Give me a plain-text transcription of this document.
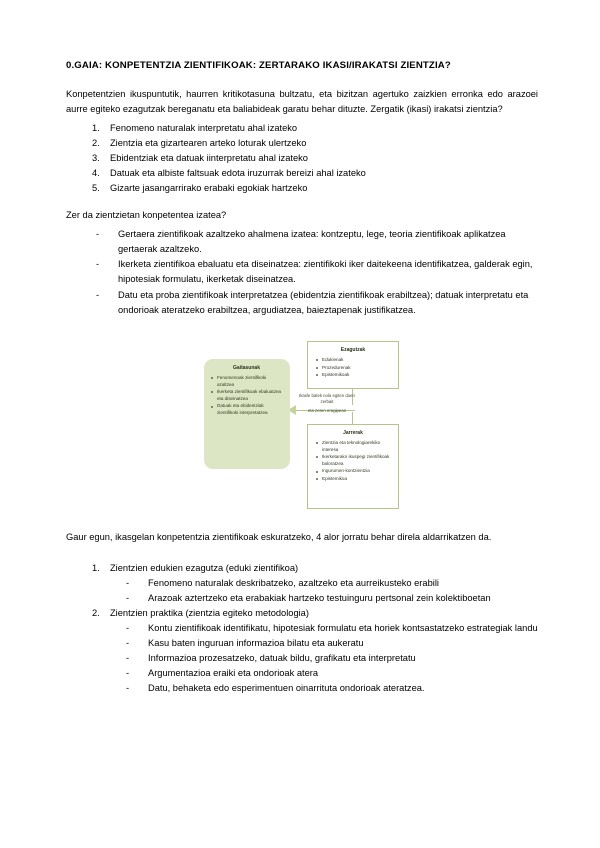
0.GAIA: KONPETENTZIA ZIENTIFIKOAK: ZERTARAKO IKASI/IRAKATSI ZIENTZIA?

Konpetentzien ikuspuntutik, haurren kritikotasuna bultzatu, eta bizitzan agertuko zaizkien erronka edo arazoei aurre egiteko ezagutzak bereganatu eta baliabideak garatu behar dituzte. Zergatik (ikasi) irakatsi zientzia?

1.	Fenomeno naturalak interpretatu ahal izateko
2.	Zientzia eta gizartearen arteko loturak ulertzeko
3.	Ebidentziak eta datuak iinterpretatu ahal izateko
4.	Datuak eta albiste faltsuak edota iruzurrak bereizi ahal izateko
5.	Gizarte jasangarrirako erabaki egokiak hartzeko

Zer da zientzietan konpetentea izatea?

- Gertaera zientifikoak azaltzeko ahalmena izatea: kontzeptu, lege, teoria zientifikoak aplikatzea gertaerak azaltzeko.
- Ikerketa zientifikoa ebaluatu eta diseinatzea: zientifikoki iker daitekeena identifikatzea, galderak egin, hipotesiak formulatu, ikerketak diseinatzea.
- Datu eta proba zientifikoak interpretatzea (ebidentzia zientifikoak erabiltzea); datuak interpretatu eta ondorioak ateratzeko erabiltzea, argudiatzea, baieztapenak justifikatzea.
Ikasle batek nola egiten duen zerbait
eta zeren eragipean
Gaitasunak
Fenomenoak zientifikoki azaltzea
Ikerketa zientifikoak ebaluatzea eta diseinatzea
Datuak eta ebidentziak zientifikoki interpretatzea
Ezagutzak
Edukienak
Prozedurenak
Epistemikoak
Jarrerak
Zientzia eta teknologiarekiko interesa
Ikerketarako ikuspegi zientifikoak baloratzea
Ingurumen-kontzientzia
Epistemikoa

Gaur egun, ikasgelan konpetentzia zientifikoak eskuratzeko, 4 alor jorratu behar direla aldarrikatzen da.

1.	Zientzien edukien ezagutza (eduki zientifikoa)
- Fenomeno naturalak deskribatzeko, azaltzeko eta aurreikusteko erabili
- Arazoak aztertzeko eta erabakiak hartzeko testuinguru pertsonal zein kolektiboetan
2.	Zientzien praktika (zientzia egiteko metodologia)
- Kontu zientifikoak identifikatu, hipotesiak formulatu eta horiek kontsastatzeko estrategiak landu
- Kasu baten inguruan informazioa bilatu eta aukeratu
- Informazioa prozesatzeko, datuak bildu, grafikatu eta interpretatu
- Argumentazioa eraiki eta ondorioak atera
- Datu, behaketa edo esperimentuen oinarrituta ondorioak ateratzea.
